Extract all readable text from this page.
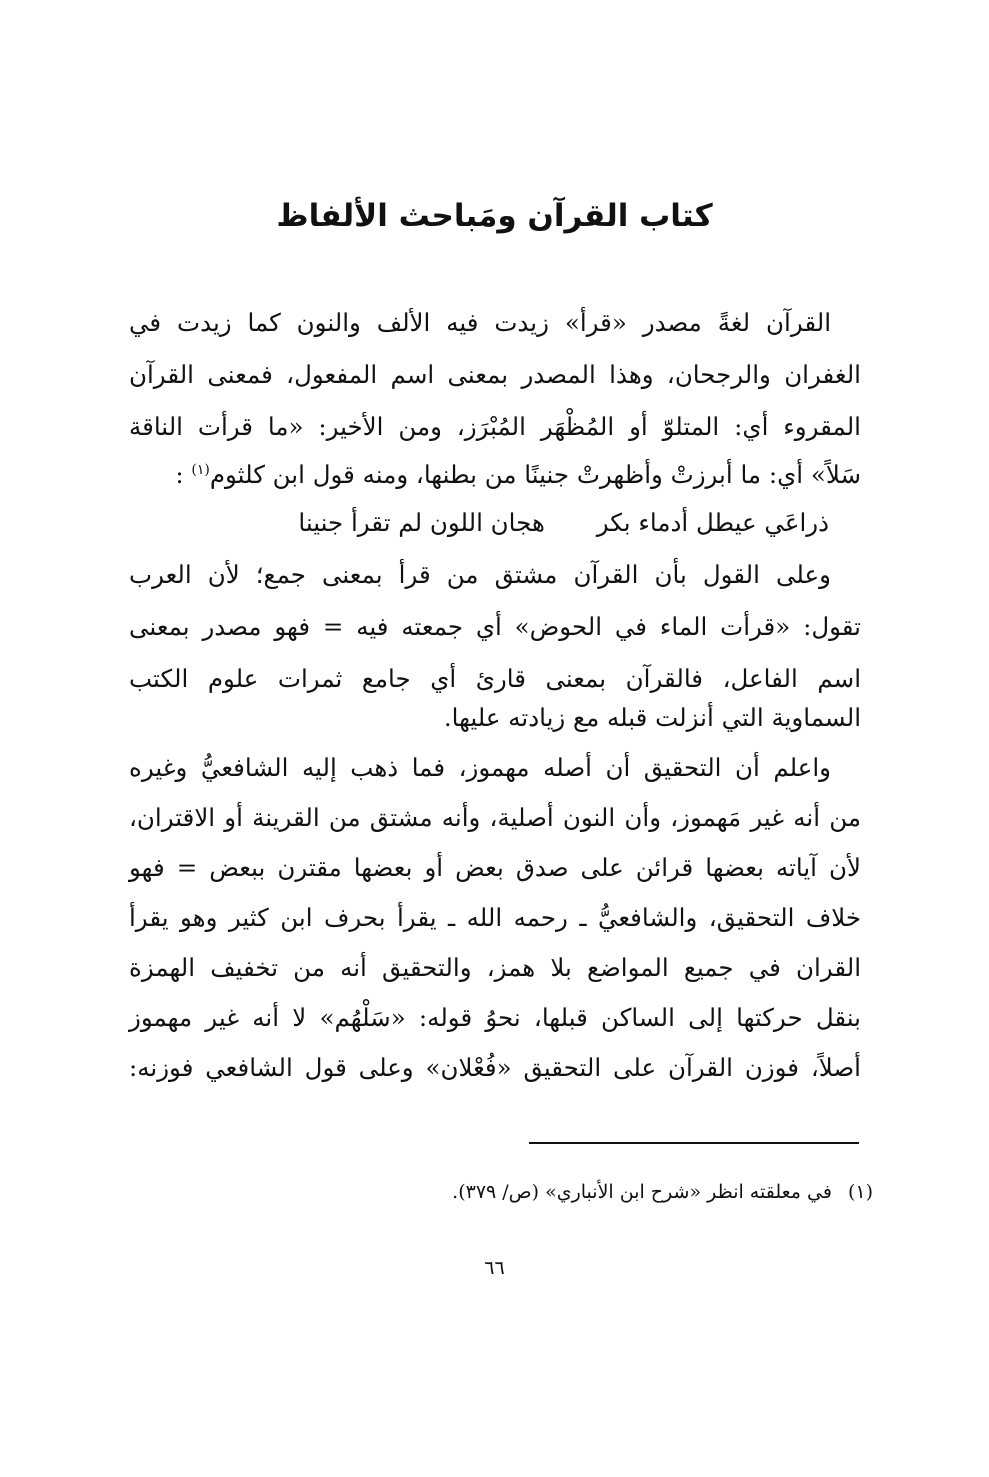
كتاب القرآن ومَباحث الألفاظ

القرآن لغةً مصدر «قرأ» زيدت فيه الألف والنون كما زيدت في

الغفران والرجحان، وهذا المصدر بمعنى اسم المفعول، فمعنى القرآن

المقروء أي: المتلوّ أو المُظْهَر المُبْرَز، ومن الأخير: «ما قرأت الناقة

سَلاً» أي: ما أبرزتْ وأظهرتْ جنينًا من بطنها، ومنه قول ابن كلثوم$^{(١)}$ :

ذراعَي عيطل أدماء بكر هجان اللون لم تقرأ جنينا

وعلى القول بأن القرآن مشتق من قرأ بمعنى جمع؛ لأن العرب

تقول: «قرأت الماء في الحوض» أي جمعته فيه = فهو مصدر بمعنى

اسم الفاعل، فالقرآن بمعنى قارئ أي جامع ثمرات علوم الكتب

السماوية التي أنزلت قبله مع زيادته عليها.

واعلم أن التحقيق أن أصله مهموز، فما ذهب إليه الشافعيُّ وغيره

من أنه غير مَهموز، وأن النون أصلية، وأنه مشتق من القرينة أو الاقتران،

لأن آياته بعضها قرائن على صدق بعض أو بعضها مقترن ببعض = فهو

خلاف التحقيق، والشافعيُّ ـ رحمه الله ـ يقرأ بحرف ابن كثير وهو يقرأ

القران في جميع المواضع بلا همز، والتحقيق أنه من تخفيف الهمزة

بنقل حركتها إلى الساكن قبلها، نحوُ قوله: «سَلْهُم» لا أنه غير مهموز

أصلاً، فوزن القرآن على التحقيق «فُعْلان» وعلى قول الشافعي فوزنه:

(١)في معلقته انظر «شرح ابن الأنباري» (ص/ ٣٧٩).

٦٦
